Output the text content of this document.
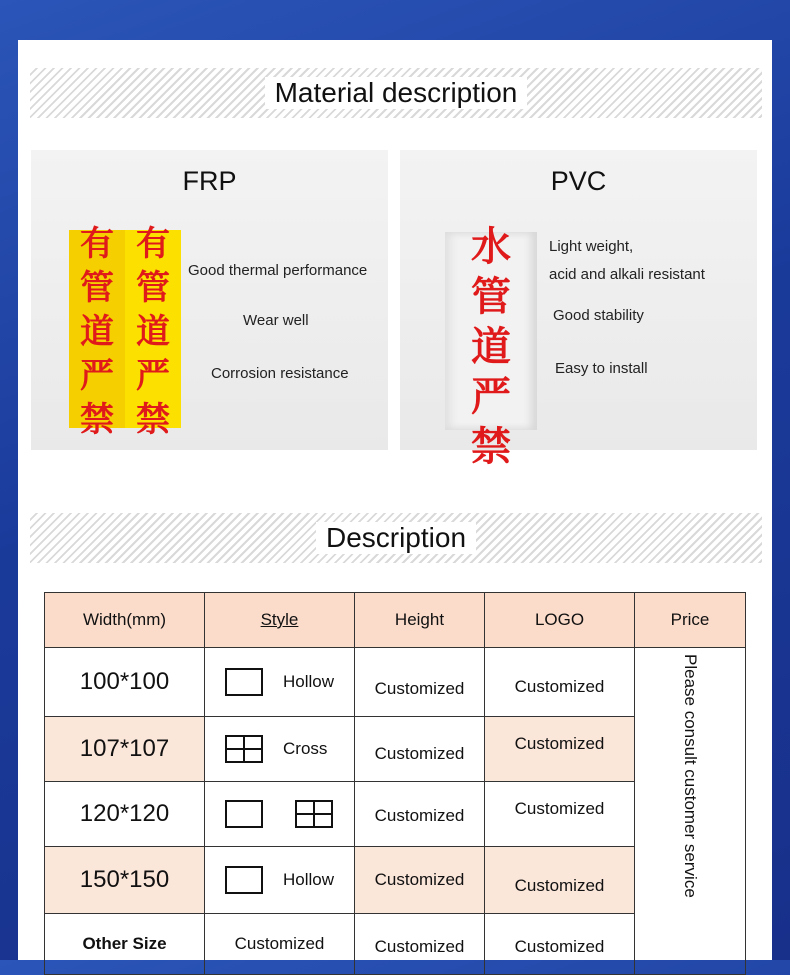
Material description
FRP
有
管
道
严
禁
有
管
道
严
禁
Good thermal performance
Wear well
Corrosion resistance
PVC
水
管
道
严
禁
Light weight,
acid and alkali resistant
Good stability
Easy to install
Description
Width(mm)	Style	Height	LOGO	Price
100*100	Hollow	Customized	Customized	Please consult customer service

107*107	Cross	Customized	Customized	
120*120		Customized	Customized	
150*150	Hollow	Customized	Customized	
Other Size	Customized	Customized	Customized	
